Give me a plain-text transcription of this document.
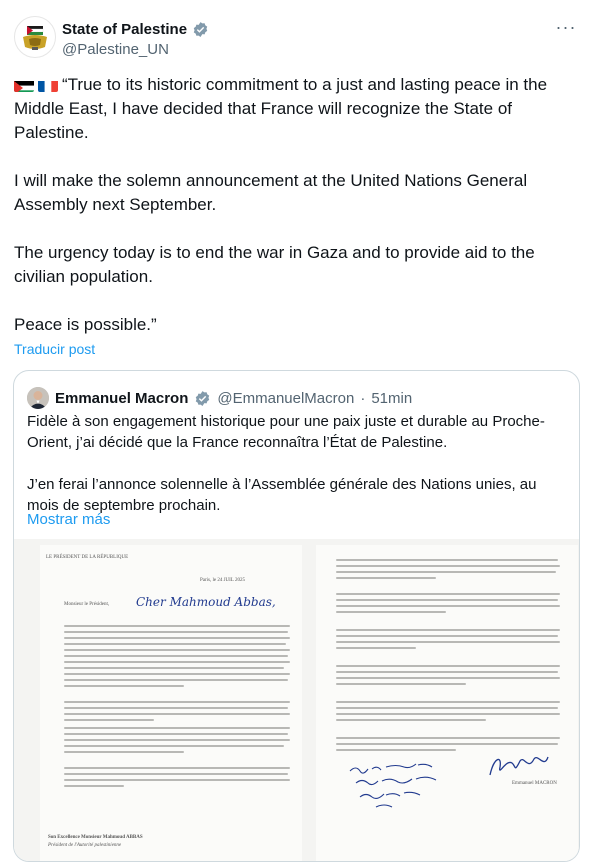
State of Palestine
@Palestine_UN
···

“True to its historic commitment to a just and lasting peace in the Middle East, I have decided that France will recognize the State of Palestine.

I will make the solemn announcement at the United Nations General Assembly next September.

The urgency today is to end the war in Gaza and to provide aid to the civilian population.

Peace is possible.”

Traducir post
Emmanuel Macron @EmmanuelMacron · 51min

Fidèle à son engagement historique pour une paix juste et durable au Proche-Orient, j’ai décidé que la France reconnaîtra l’État de Palestine.

J’en ferai l’annonce solennelle à l’Assemblée générale des Nations unies, au mois de septembre prochain.

Mostrar más
LE PRÉSIDENT DE LA RÉPUBLIQUE
Paris, le 24 JUIL 2025
Monsieur le Président, Cher Mahmoud Abbas,
Son Excellence Monsieur Mahmoud ABBAS
Président de l'Autorité palestinienne
Emmanuel MACRON
